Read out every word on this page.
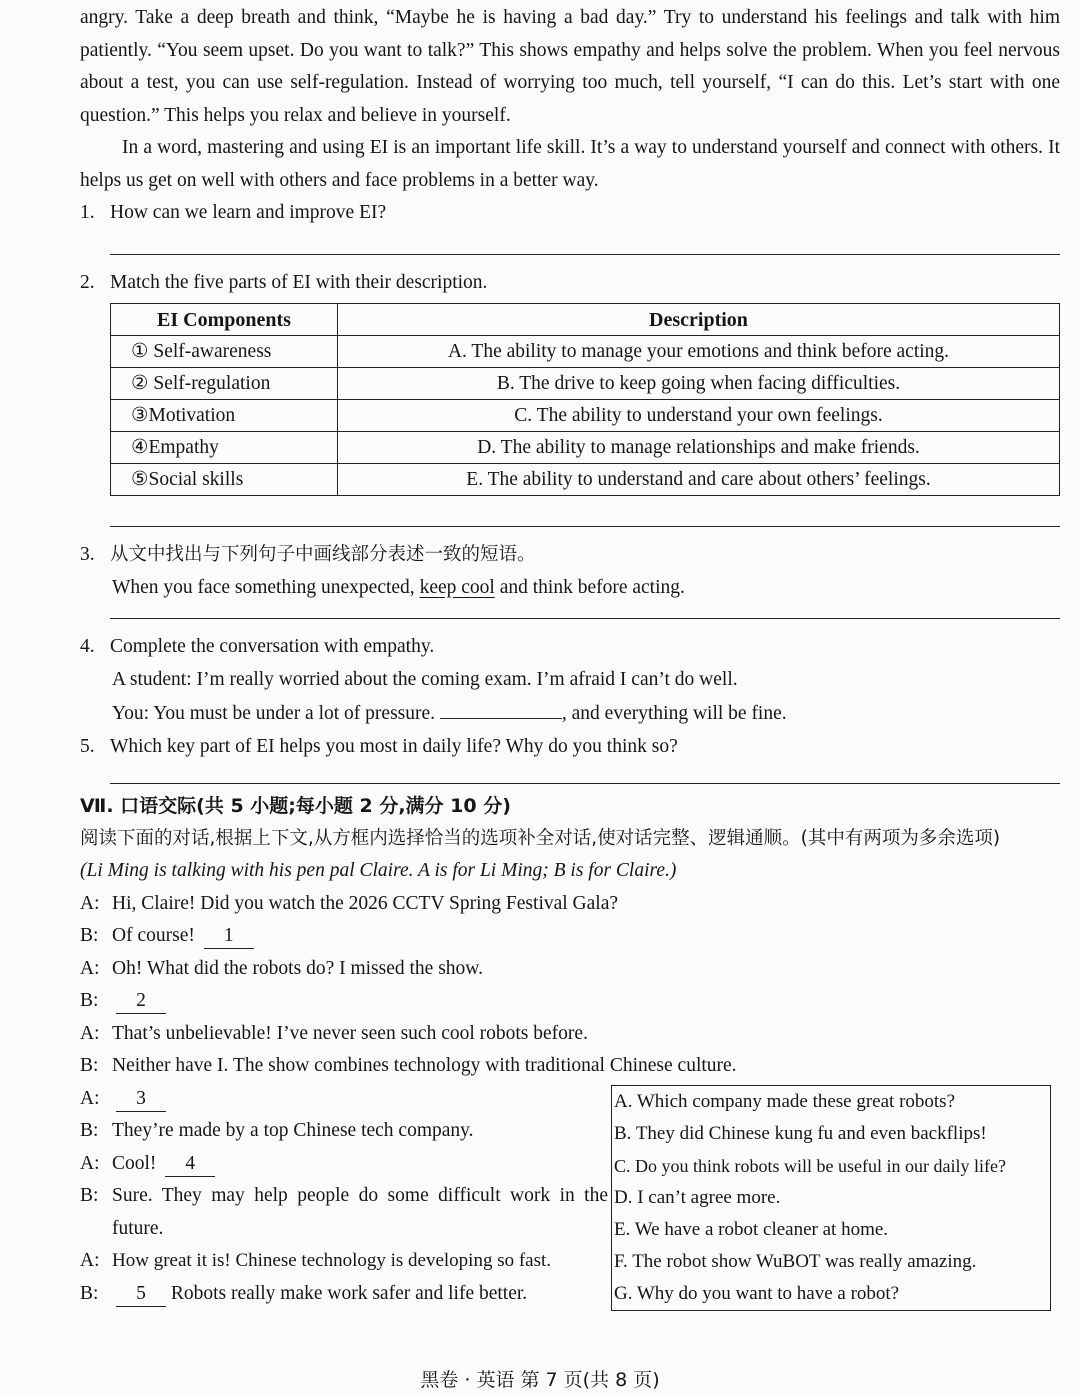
angry. Take a deep breath and think, “Maybe he is having a bad day.” Try to understand his feelings and talk with him patiently. “You seem upset. Do you want to talk?” This shows empathy and helps solve the problem. When you feel nervous about a test, you can use self-regulation. Instead of worrying too much, tell yourself, “I can do this. Let’s start with one question.” This helps you relax and believe in yourself.

In a word, mastering and using EI is an important life skill. It’s a way to understand yourself and connect with others. It helps us get on well with others and face problems in a better way.

1. How can we learn and improve EI?

2. Match the five parts of EI with their description.

EI Components	Description
① Self-awareness	A. The ability to manage your emotions and think before acting.
② Self-regulation	B. The drive to keep going when facing difficulties.
③Motivation	C. The ability to understand your own feelings.
④Empathy	D. The ability to manage relationships and make friends.
⑤Social skills	E. The ability to understand and care about others’ feelings.

3. 从文中找出与下列句子中画线部分表述一致的短语。

When you face something unexpected, keep cool and think before acting.

4. Complete the conversation with empathy.

A student: I’m really worried about the coming exam. I’m afraid I can’t do well.

You: You must be under a lot of pressure.	, and everything will be fine.

5. Which key part of EI helps you most in daily life? Why do you think so?

Ⅶ. 口语交际(共 5 小题;每小题 2 分,满分 10 分)

阅读下面的对话,根据上下文,从方框内选择恰当的选项补全对话,使对话完整、逻辑通顺。(其中有两项为多余选项)

(Li Ming is talking with his pen pal Claire. A is for Li Ming; B is for Claire.)

A: Hi, Claire! Did you watch the 2026 CCTV Spring Festival Gala?

B: Of course! 1

A: Oh! What did the robots do? I missed the show.

B: 2

A: That’s unbelievable! I’ve never seen such cool robots before.

B: Neither have I. The show combines technology with traditional Chinese culture.

A: 3

B: They’re made by a top Chinese tech company.

A: Cool! 4

B: Sure. They may help people do some difficult work in the future.

A: How great it is! Chinese technology is developing so fast.

B: 5 Robots really make work safer and life better.

A. Which company made these great robots?

B. They did Chinese kung fu and even backflips!

C. Do you think robots will be useful in our daily life?

D. I can’t agree more.

E. We have a robot cleaner at home.

F. The robot show WuBOT was really amazing.

G. Why do you want to have a robot?

黑卷 · 英语 第 7 页(共 8 页)
